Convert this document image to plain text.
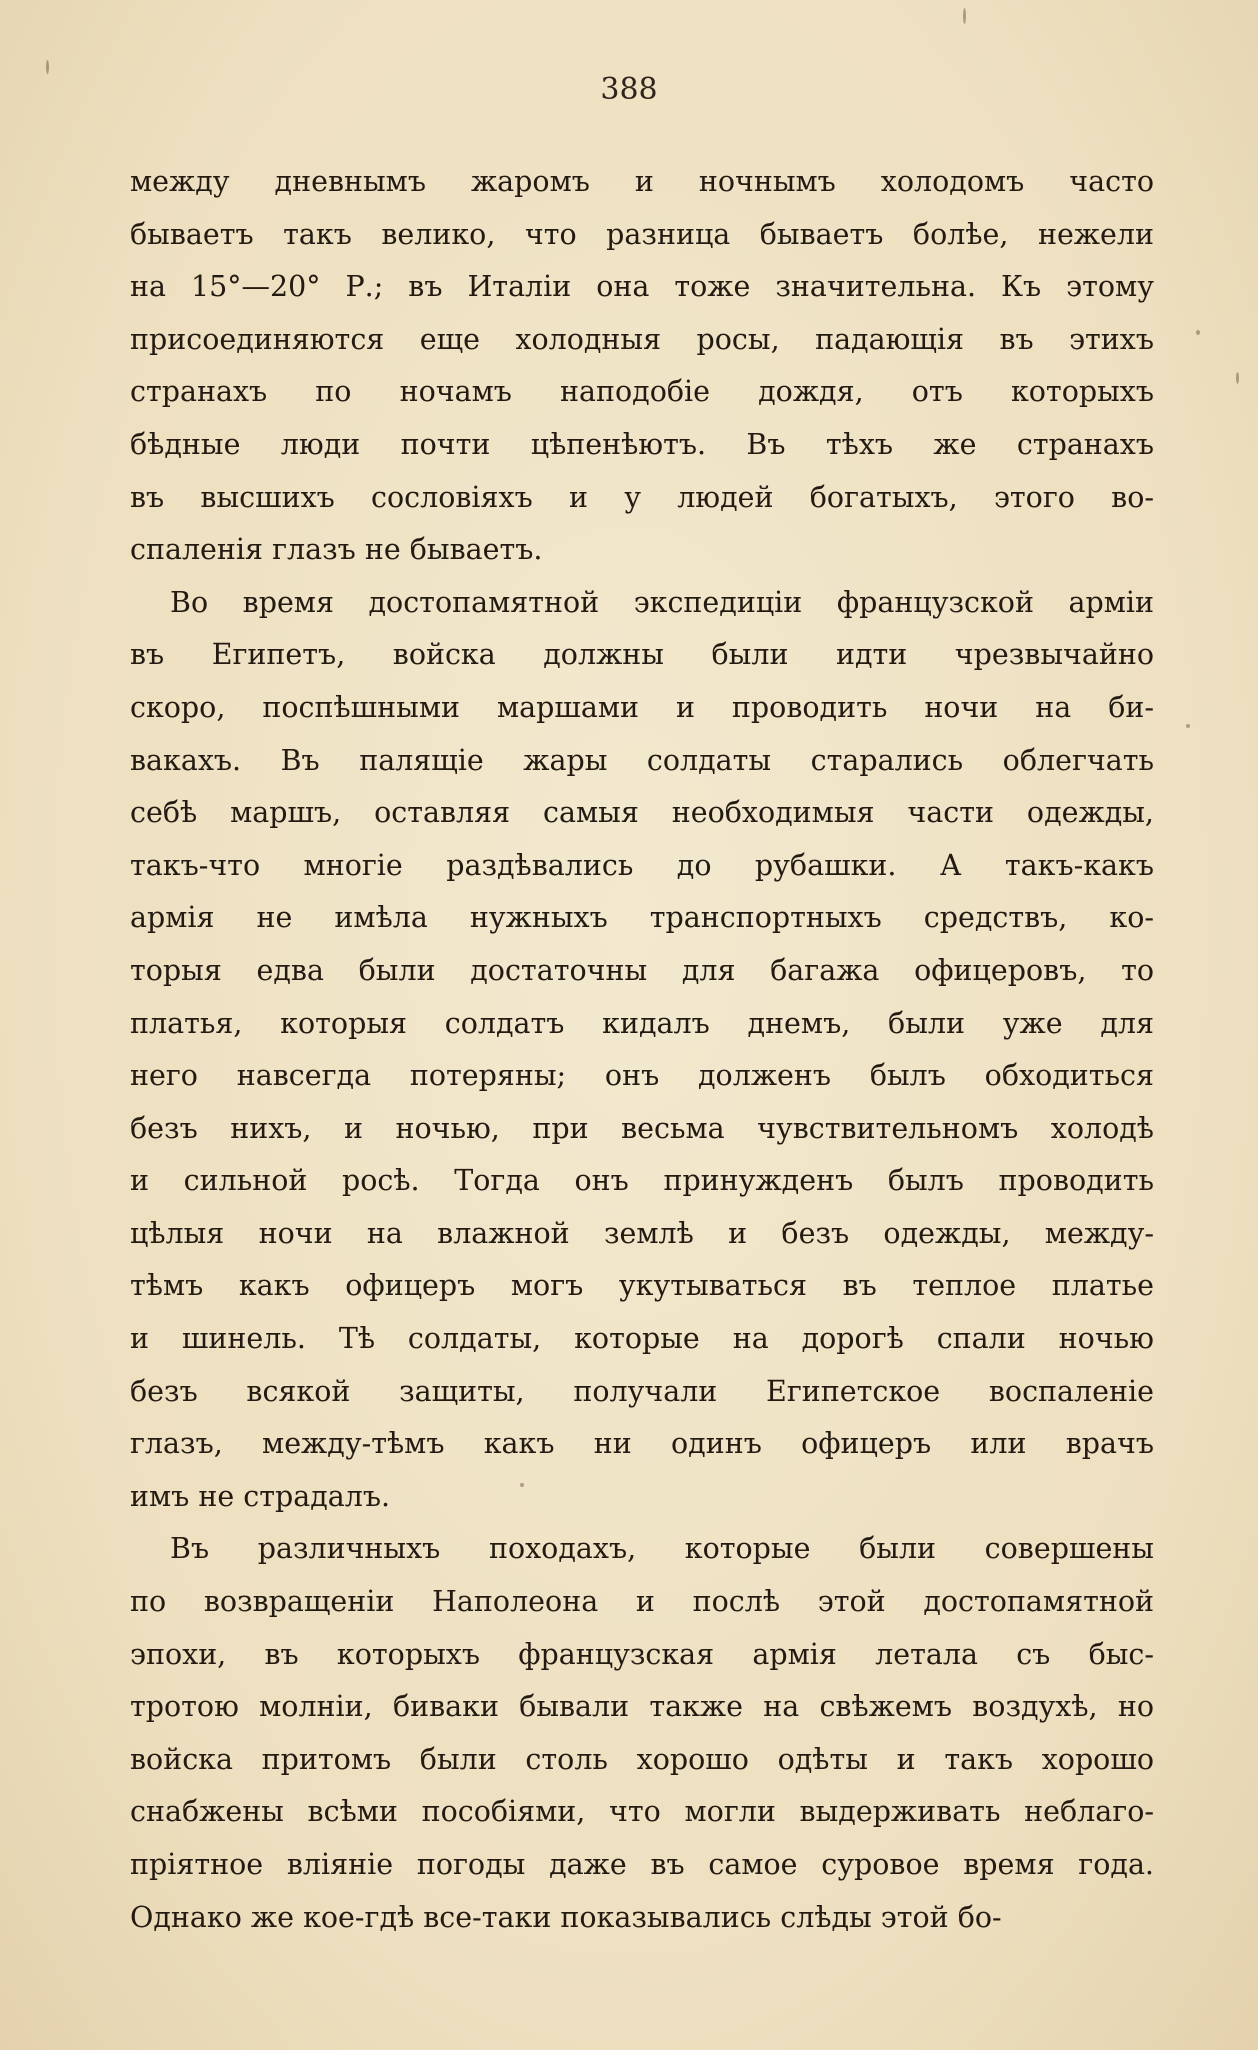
388
между дневнымъ жаромъ и ночнымъ холодомъ часто
бываетъ такъ велико, что разница бываетъ болѣе, нежели
на 15°—20° Р.; въ Италіи она тоже значительна. Къ этому
присоединяются еще холодныя росы, падающія въ этихъ
странахъ по ночамъ наподобіе дождя, отъ которыхъ
бѣдные люди почти цѣпенѣютъ. Въ тѣхъ же странахъ
въ высшихъ сословіяхъ и у людей богатыхъ, этого во-
спаленія глазъ не бываетъ.
Во время достопамятной экспедиціи французской арміи
въ Египетъ, войска должны были идти чрезвычайно
скоро, поспѣшными маршами и проводить ночи на би-
вакахъ. Въ палящіе жары солдаты старались облегчать
себѣ маршъ, оставляя самыя необходимыя части одежды,
такъ-что многіе раздѣвались до рубашки. А такъ-какъ
армія не имѣла нужныхъ транспортныхъ средствъ, ко-
торыя едва были достаточны для багажа офицеровъ, то
платья, которыя солдатъ кидалъ днемъ, были уже для
него навсегда потеряны; онъ долженъ былъ обходиться
безъ нихъ, и ночью, при весьма чувствительномъ холодѣ
и сильной росѣ. Тогда онъ принужденъ былъ проводить
цѣлыя ночи на влажной землѣ и безъ одежды, между-
тѣмъ какъ офицеръ могъ укутываться въ теплое платье
и шинель. Тѣ солдаты, которые на дорогѣ спали ночью
безъ всякой защиты, получали Египетское воспаленіе
глазъ, между-тѣмъ какъ ни одинъ офицеръ или врачъ
имъ не страдалъ.
Въ различныхъ походахъ, которые были совершены
по возвращеніи Наполеона и послѣ этой достопамятной
эпохи, въ которыхъ французская армія летала съ быс-
тротою молніи, биваки бывали также на свѣжемъ воздухѣ, но
войска притомъ были столь хорошо одѣты и такъ хорошо
снабжены всѣми пособіями, что могли выдерживать неблаго-
пріятное вліяніе погоды даже въ самое суровое время года.
Однако же кое-гдѣ все-таки показывались слѣды этой бо-
